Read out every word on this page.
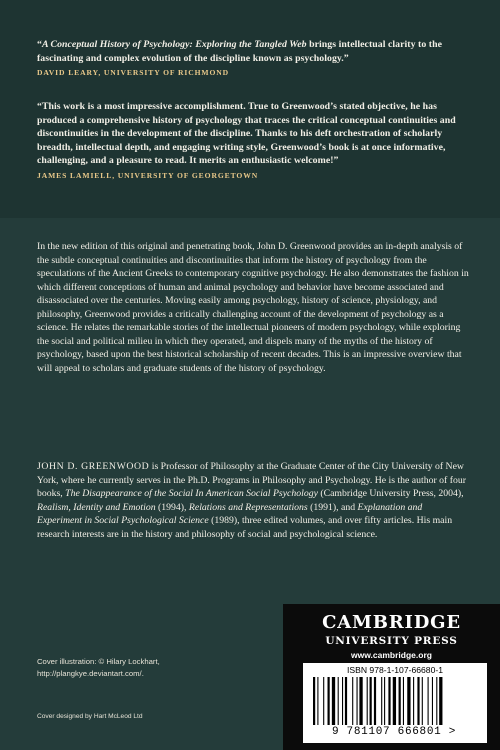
“A Conceptual History of Psychology: Exploring the Tangled Web brings intellectual clarity to the fascinating and complex evolution of the discipline known as psychology.”

DAVID LEARY, UNIVERSITY OF RICHMOND

“This work is a most impressive accomplishment. True to Greenwood’s stated objective, he has produced a comprehensive history of psychology that traces the critical conceptual continuities and discontinuities in the development of the discipline. Thanks to his deft orchestration of scholarly breadth, intellectual depth, and engaging writing style, Greenwood’s book is at once informative, challenging, and a pleasure to read. It merits an enthusiastic welcome!”

JAMES LAMIELL, UNIVERSITY OF GEORGETOWN

In the new edition of this original and penetrating book, John D. Greenwood provides an in-depth analysis of the subtle conceptual continuities and discontinuities that inform the history of psychology from the speculations of the Ancient Greeks to contemporary cognitive psychology. He also demonstrates the fashion in which different conceptions of human and animal psychology and behavior have become associated and disassociated over the centuries. Moving easily among psychology, history of science, physiology, and philosophy, Greenwood provides a critically challenging account of the development of psychology as a science. He relates the remarkable stories of the intellectual pioneers of modern psychology, while exploring the social and political milieu in which they operated, and dispels many of the myths of the history of psychology, based upon the best historical scholarship of recent decades. This is an impressive overview that will appeal to scholars and graduate students of the history of psychology.

JOHN D. GREENWOOD is Professor of Philosophy at the Graduate Center of the City University of New York, where he currently serves in the Ph.D. Programs in Philosophy and Psychology. He is the author of four books, The Disappearance of the Social In American Social Psychology (Cambridge University Press, 2004), Realism, Identity and Emotion (1994), Relations and Representations (1991), and Explanation and Experiment in Social Psychological Science (1989), three edited volumes, and over fifty articles. His main research interests are in the history and philosophy of social and psychological science.

Cover illustration: © Hilary Lockhart,
http://plangkye.deviantart.com/.
Cover designed by Hart McLeod Ltd
CAMBRIDGE
UNIVERSITY PRESS
www.cambridge.org
ISBN 978-1-107-66680-1
9 781107 666801 >
